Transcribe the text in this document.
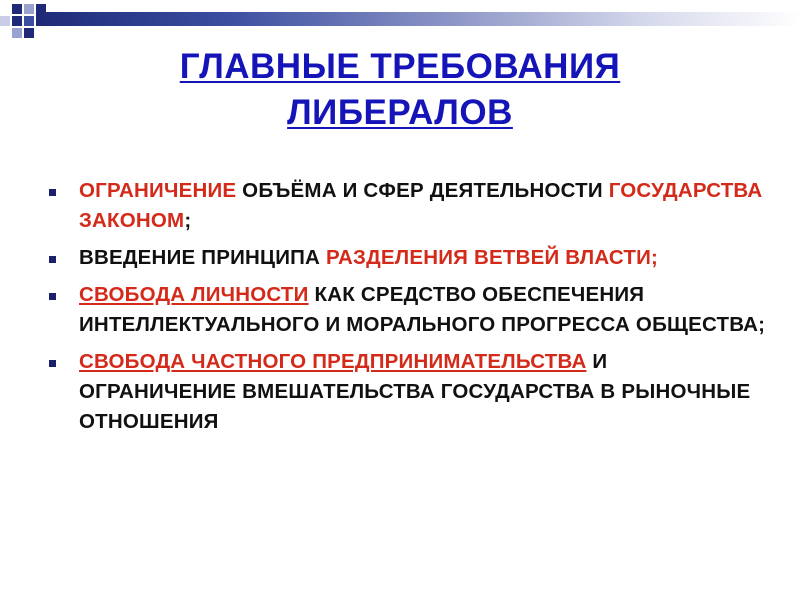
ГЛАВНЫЕ ТРЕБОВАНИЯ
ЛИБЕРАЛОВ
ОГРАНИЧЕНИЕ ОБЪЁМА И СФЕР ДЕЯТЕЛЬНОСТИ ГОСУДАРСТВА ЗАКОНОМ;
ВВЕДЕНИЕ ПРИНЦИПА РАЗДЕЛЕНИЯ ВЕТВЕЙ ВЛАСТИ;
СВОБОДА ЛИЧНОСТИ КАК СРЕДСТВО ОБЕСПЕЧЕНИЯ ИНТЕЛЛЕКТУАЛЬНОГО И МОРАЛЬНОГО ПРОГРЕССА ОБЩЕСТВА;
СВОБОДА ЧАСТНОГО ПРЕДПРИНИМАТЕЛЬСТВА И ОГРАНИЧЕНИЕ ВМЕШАТЕЛЬСТВА ГОСУДАРСТВА В РЫНОЧНЫЕ ОТНОШЕНИЯ
